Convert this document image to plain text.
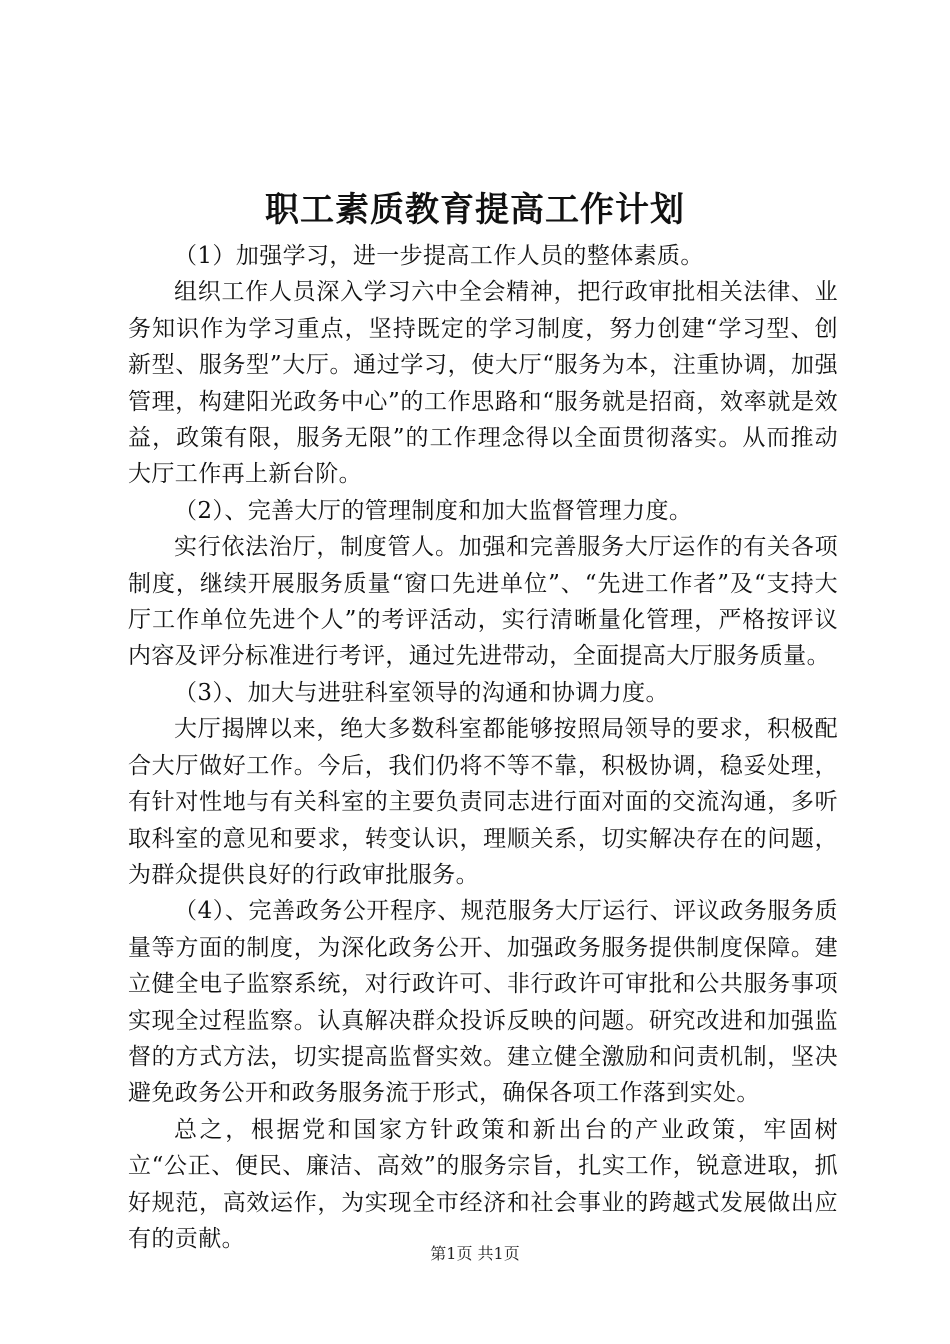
职工素质教育提高工作计划

（1）加强学习，进一步提高工作人员的整体素质。

组织工作人员深入学习六中全会精神，把行政审批相关法律、业务知识作为学习重点，坚持既定的学习制度，努力创建“学习型、创新型、服务型”大厅。通过学习，使大厅“服务为本，注重协调，加强管理，构建阳光政务中心”的工作思路和“服务就是招商，效率就是效益，政策有限，服务无限”的工作理念得以全面贯彻落实。从而推动大厅工作再上新台阶。

（2）、完善大厅的管理制度和加大监督管理力度。

实行依法治厅，制度管人。加强和完善服务大厅运作的有关各项制度，继续开展服务质量“窗口先进单位”、“先进工作者”及“支持大厅工作单位先进个人”的考评活动，实行清晰量化管理，严格按评议内容及评分标准进行考评，通过先进带动，全面提高大厅服务质量。

（3）、加大与进驻科室领导的沟通和协调力度。

大厅揭牌以来，绝大多数科室都能够按照局领导的要求，积极配合大厅做好工作。今后，我们仍将不等不靠，积极协调，稳妥处理，有针对性地与有关科室的主要负责同志进行面对面的交流沟通，多听取科室的意见和要求，转变认识，理顺关系，切实解决存在的问题，为群众提供良好的行政审批服务。

（4）、完善政务公开程序、规范服务大厅运行、评议政务服务质量等方面的制度，为深化政务公开、加强政务服务提供制度保障。建立健全电子监察系统，对行政许可、非行政许可审批和公共服务事项实现全过程监察。认真解决群众投诉反映的问题。研究改进和加强监督的方式方法，切实提高监督实效。建立健全激励和问责机制，坚决避免政务公开和政务服务流于形式，确保各项工作落到实处。

总之，根据党和国家方针政策和新出台的产业政策，牢固树立“公正、便民、廉洁、高效”的服务宗旨，扎实工作，锐意进取，抓好规范，高效运作，为实现全市经济和社会事业的跨越式发展做出应有的贡献。

第1页 共1页
